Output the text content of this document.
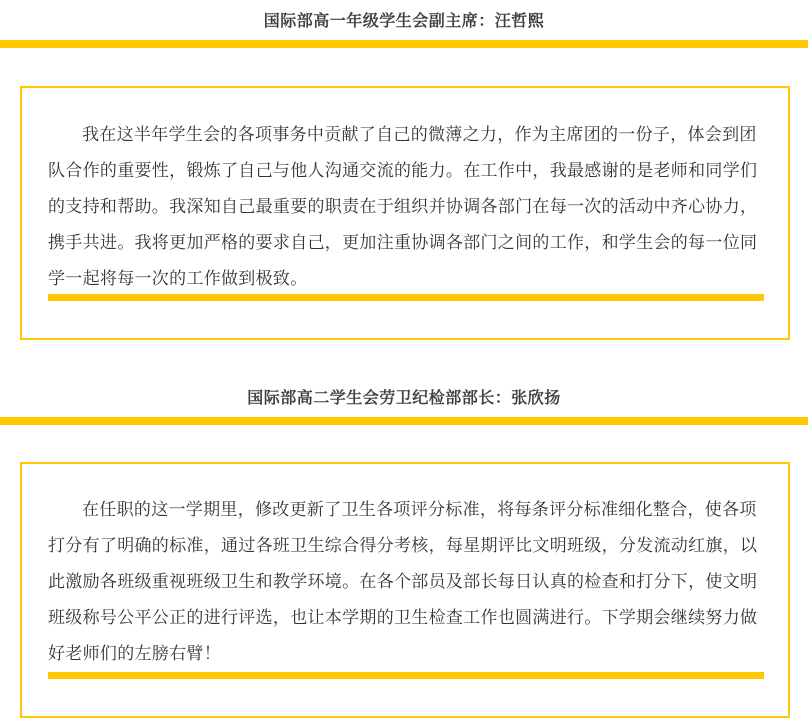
国际部高一年级学生会副主席：汪哲熙

我在这半年学生会的各项事务中贡献了自己的微薄之力，作为主席团的一份子，体会到团队合作的重要性，锻炼了自己与他人沟通交流的能力。在工作中，我最感谢的是老师和同学们的支持和帮助。我深知自己最重要的职责在于组织并协调各部门在每一次的活动中齐心协力，携手共进。我将更加严格的要求自己，更加注重协调各部门之间的工作，和学生会的每一位同学一起将每一次的工作做到极致。

国际部高二学生会劳卫纪检部部长：张欣扬

在任职的这一学期里，修改更新了卫生各项评分标准，将每条评分标准细化整合，使各项打分有了明确的标准，通过各班卫生综合得分考核，每星期评比文明班级，分发流动红旗，以此激励各班级重视班级卫生和教学环境。在各个部员及部长每日认真的检查和打分下，使文明班级称号公平公正的进行评选，也让本学期的卫生检查工作也圆满进行。下学期会继续努力做好老师们的左膀右臂！
